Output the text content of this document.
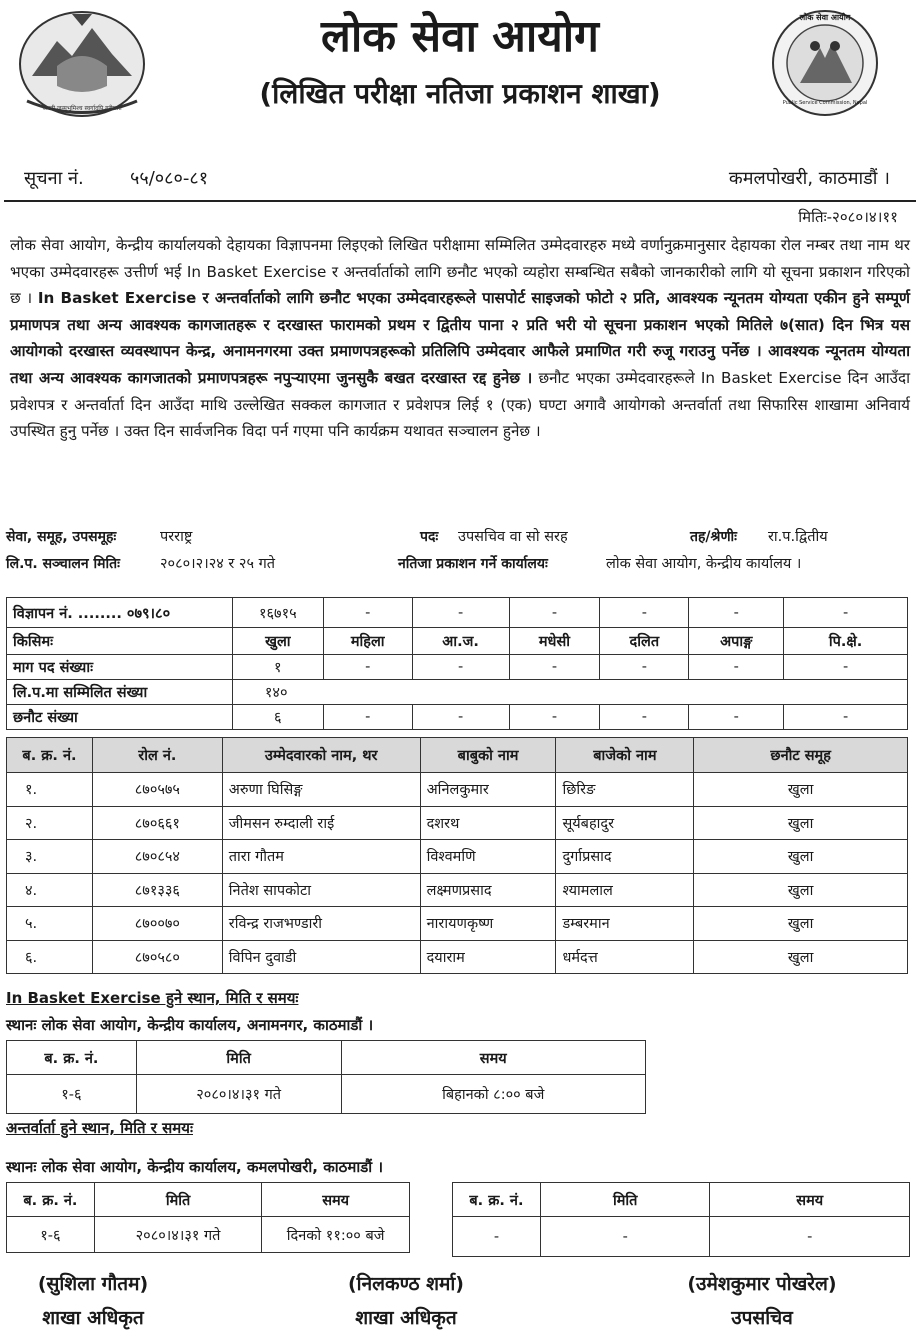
जननी जन्मभूमिश्च स्वर्गादपि गरीयसी
लोक सेवा आयोग
(लिखित परीक्षा नतिजा प्रकाशन शाखा)
लोक सेवा आयोग
Public Service Commission, Nepal
सूचना नं.	५५/०८०-८१	कमलपोखरी, काठमाडौं ।
मितिः-२०८०।४।११
लोक सेवा आयोग, केन्द्रीय कार्यालयको देहायका विज्ञापनमा लिइएको लिखित परीक्षामा सम्मिलित उम्मेदवारहरु मध्ये वर्णानुक्रमानुसार देहायका रोल नम्बर तथा नाम थर भएका उम्मेदवारहरू उत्तीर्ण भई In Basket Exercise र अन्तर्वार्ताको लागि छनौट भएको व्यहोरा सम्बन्धित सबैको जानकारीको लागि यो सूचना प्रकाशन गरिएको छ । In Basket Exercise र अन्तर्वार्ताको लागि छनौट भएका उम्मेदवारहरूले पासपोर्ट साइजको फोटो २ प्रति, आवश्यक न्यूनतम योग्यता एकीन हुने सम्पूर्ण प्रमाणपत्र तथा अन्य आवश्यक कागजातहरू र दरखास्त फारामको प्रथम र द्वितीय पाना २ प्रति भरी यो सूचना प्रकाशन भएको मितिले ७(सात) दिन भित्र यस आयोगको दरखास्त व्यवस्थापन केन्द्र, अनामनगरमा उक्त प्रमाणपत्रहरूको प्रतिलिपि उम्मेदवार आफैले प्रमाणित गरी रुजू गराउनु पर्नेछ । आवश्यक न्यूनतम योग्यता तथा अन्य आवश्यक कागजातको प्रमाणपत्रहरू नपुऱ्याएमा जुनसुकै बखत दरखास्त रद्द हुनेछ । छनौट भएका उम्मेदवारहरूले In Basket Exercise दिन आउँदा प्रवेशपत्र र अन्तर्वार्ता दिन आउँदा माथि उल्लेखित सक्कल कागजात र प्रवेशपत्र लिई १ (एक) घण्टा अगावै आयोगको अन्तर्वार्ता तथा सिफारिस शाखामा अनिवार्य उपस्थित हुनु पर्नेछ । उक्त दिन सार्वजनिक विदा पर्न गएमा पनि कार्यक्रम यथावत सञ्चालन हुनेछ ।
सेवा, समूह, उपसमूहः	परराष्ट्र	पदः उपसचिव वा सो सरह	तह/श्रेणीः रा.प.द्वितीय
लि.प. सञ्चालन मितिः	२०८०।२।२४ र २५ गते	नतिजा प्रकाशन गर्ने कार्यालयः	लोक सेवा आयोग, केन्द्रीय कार्यालय ।
विज्ञापन नं. ........ ०७९।८०	१६७१५	-	-	-	-	-	-
किसिमः	खुला	महिला	आ.ज.	मधेसी	दलित	अपाङ्ग	पि.क्षे.
माग पद संख्याः	१	-	-	-	-	-	-
लि.प.मा सम्मिलित संख्या	१४०						
छनौट संख्या	६	-	-	-	-	-	-
ब. क्र. नं.	रोल नं.	उम्मेदवारको नाम, थर	बाबुको नाम	बाजेको नाम	छनौट समूह
१.	८७०५७५	अरुणा घिसिङ्ग	अनिलकुमार	छिरिङ	खुला
२.	८७०६६१	जीमसन रुम्दाली राई	दशरथ	सूर्यबहादुर	खुला
३.	८७०८५४	तारा गौतम	विश्वमणि	दुर्गाप्रसाद	खुला
४.	८७१३३६	नितेश सापकोटा	लक्ष्मणप्रसाद	श्यामलाल	खुला
५.	८७००७०	रविन्द्र राजभण्डारी	नारायणकृष्ण	डम्बरमान	खुला
६.	८७०५८०	विपिन दुवाडी	दयाराम	धर्मदत्त	खुला
In Basket Exercise हुने स्थान, मिति र समयः
स्थानः लोक सेवा आयोग, केन्द्रीय कार्यालय, अनामनगर, काठमाडौं ।
ब. क्र. नं.	मिति	समय
१-६	२०८०।४।३१ गते	बिहानको ८:०० बजे
अन्तर्वार्ता हुने स्थान, मिति र समयः
स्थानः लोक सेवा आयोग, केन्द्रीय कार्यालय, कमलपोखरी, काठमाडौं ।
ब. क्र. नं.	मिति	समय
१-६	२०८०।४।३१ गते	दिनको ११:०० बजे
ब. क्र. नं.	मिति	समय
-	-	-
(सुशिला गौतम)
शाखा अधिकृत
(निलकण्ठ शर्मा)
शाखा अधिकृत
(उमेशकुमार पोखरेल)
उपसचिव
